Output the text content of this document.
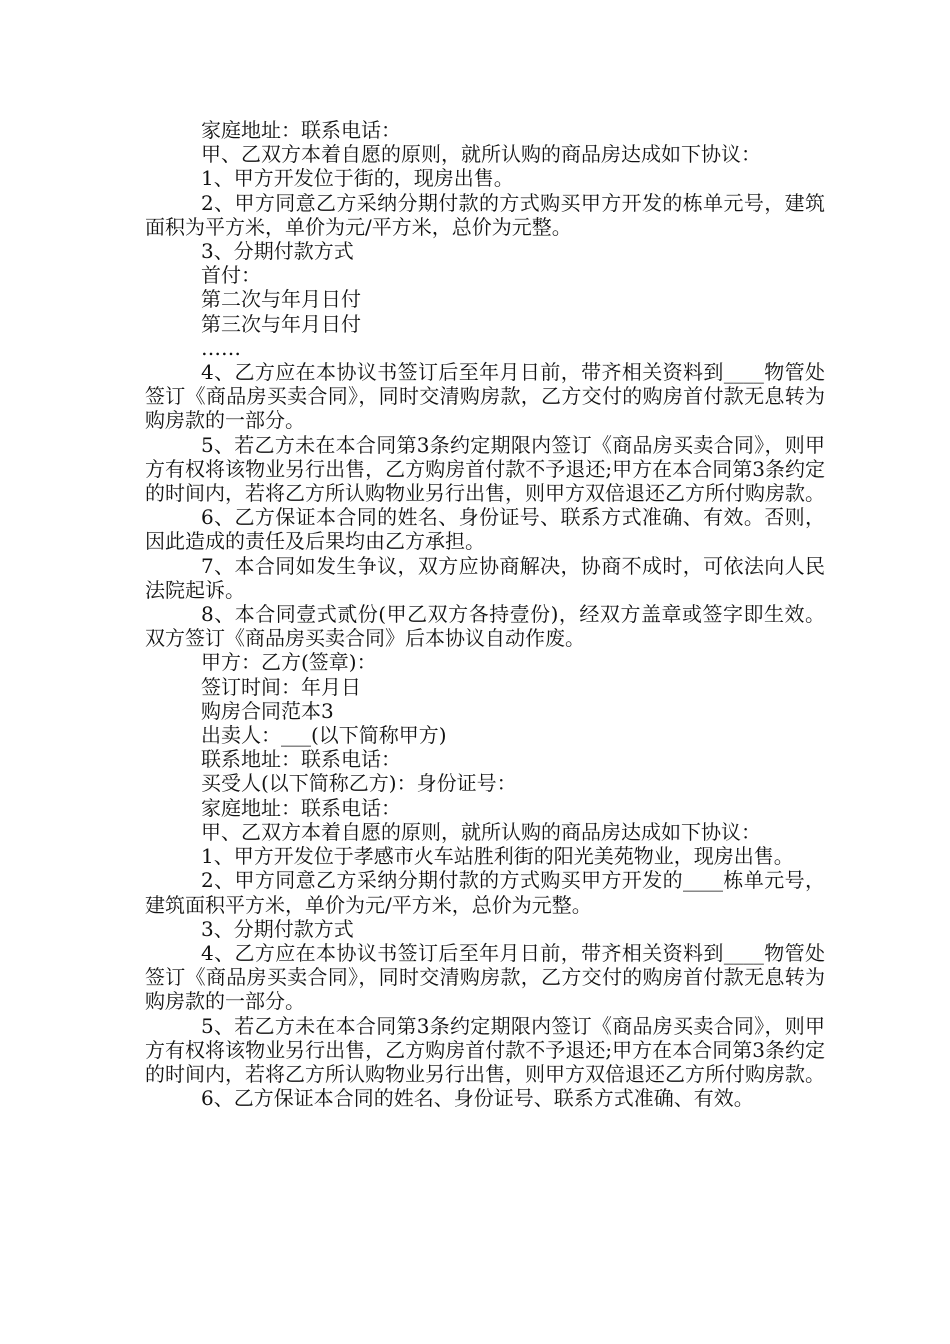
家庭地址：联系电话：

甲、乙双方本着自愿的原则，就所认购的商品房达成如下协议：

1、甲方开发位于街的，现房出售。

2、甲方同意乙方采纳分期付款的方式购买甲方开发的栋单元号，建筑面积为平方米，单价为元/平方米，总价为元整。

3、分期付款方式

首付：

第二次与年月日付

第三次与年月日付

……

4、乙方应在本协议书签订后至年月日前，带齐相关资料到____物管处签订《商品房买卖合同》，同时交清购房款，乙方交付的购房首付款无息转为购房款的一部分。

5、若乙方未在本合同第3条约定期限内签订《商品房买卖合同》，则甲方有权将该物业另行出售，乙方购房首付款不予退还;甲方在本合同第3条约定的时间内，若将乙方所认购物业另行出售，则甲方双倍退还乙方所付购房款。

6、乙方保证本合同的姓名、身份证号、联系方式准确、有效。否则，因此造成的责任及后果均由乙方承担。

7、本合同如发生争议，双方应协商解决，协商不成时，可依法向人民法院起诉。

8、本合同壹式贰份(甲乙双方各持壹份)，经双方盖章或签字即生效。双方签订《商品房买卖合同》后本协议自动作废。

甲方：乙方(签章)：

签订时间：年月日

购房合同范本3

出卖人：___(以下简称甲方)

联系地址：联系电话：

买受人(以下简称乙方)：身份证号：

家庭地址：联系电话：

甲、乙双方本着自愿的原则，就所认购的商品房达成如下协议：

1、甲方开发位于孝感市火车站胜利街的阳光美苑物业，现房出售。

2、甲方同意乙方采纳分期付款的方式购买甲方开发的____栋单元号，建筑面积平方米，单价为元/平方米，总价为元整。

3、分期付款方式

4、乙方应在本协议书签订后至年月日前，带齐相关资料到____物管处签订《商品房买卖合同》，同时交清购房款，乙方交付的购房首付款无息转为购房款的一部分。

5、若乙方未在本合同第3条约定期限内签订《商品房买卖合同》，则甲方有权将该物业另行出售，乙方购房首付款不予退还;甲方在本合同第3条约定的时间内，若将乙方所认购物业另行出售，则甲方双倍退还乙方所付购房款。

6、乙方保证本合同的姓名、身份证号、联系方式准确、有效。
